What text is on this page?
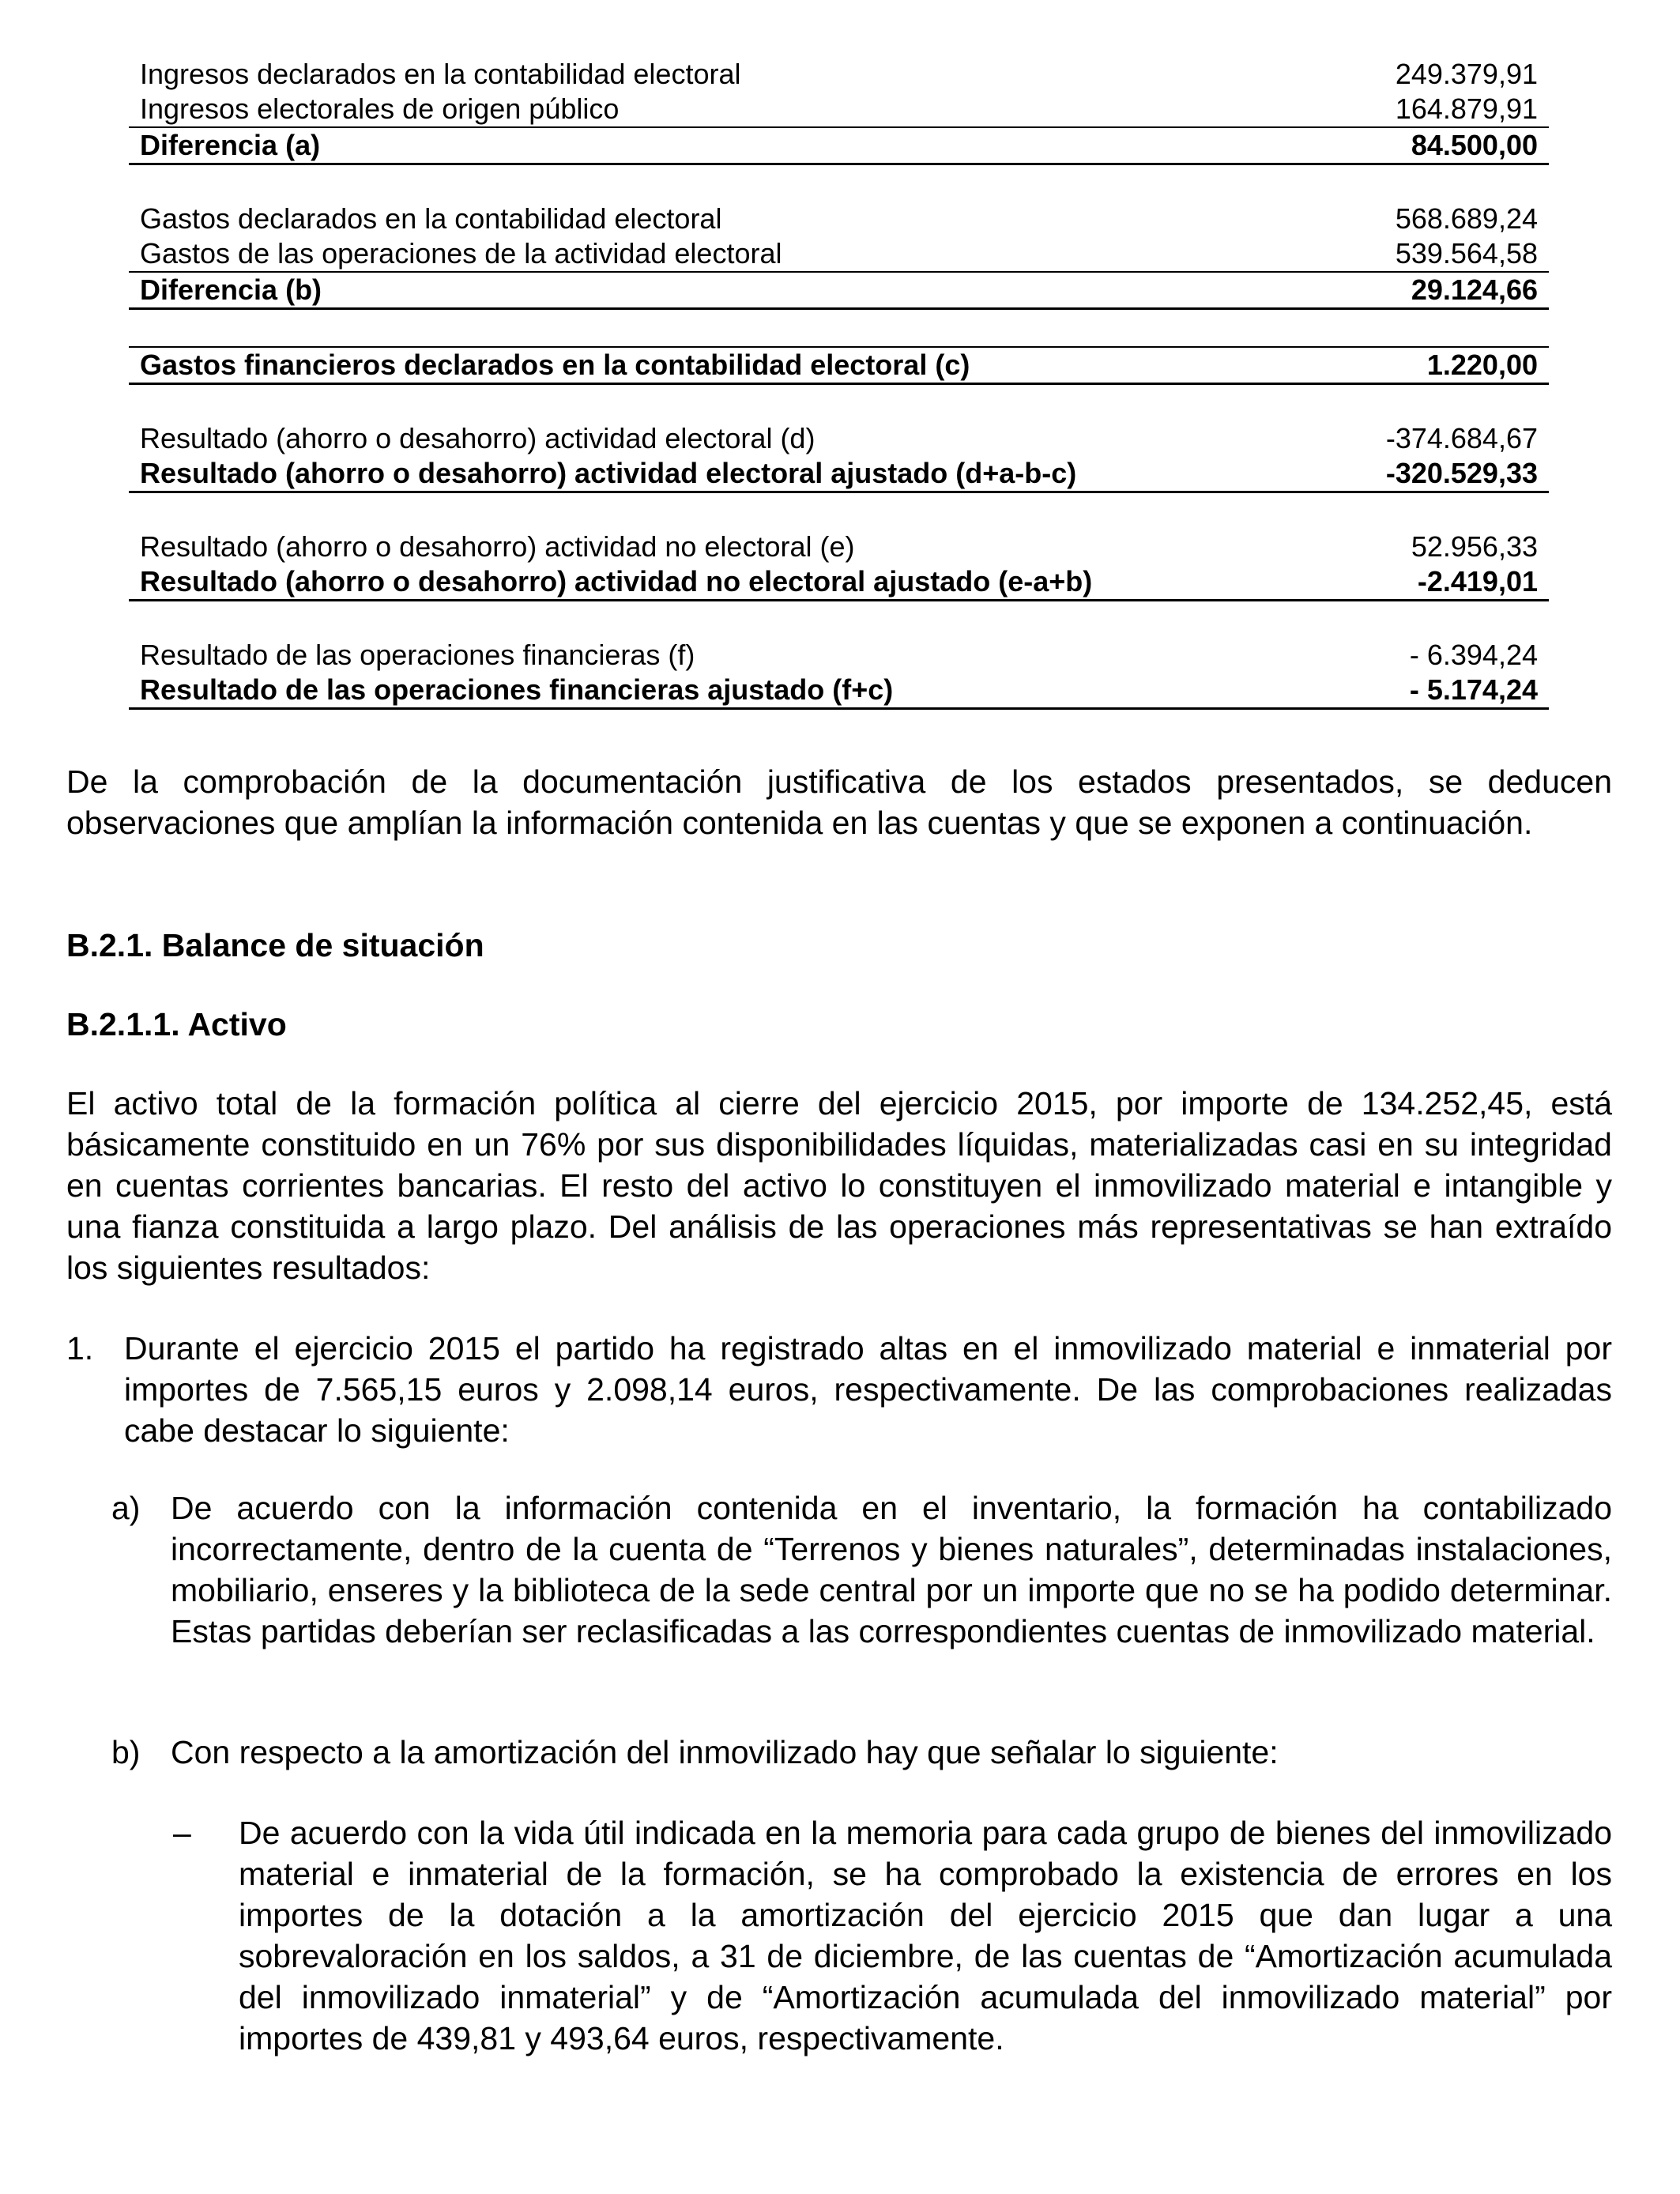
Ingresos declarados en la contabilidad electoral	249.379,91
Ingresos electorales de origen público	164.879,91
Diferencia (a)	84.500,00

Gastos declarados en la contabilidad electoral	568.689,24
Gastos de las operaciones de la actividad electoral	539.564,58
Diferencia (b)	29.124,66

Gastos financieros declarados en la contabilidad electoral (c)	1.220,00

Resultado (ahorro o desahorro) actividad electoral (d)	-374.684,67
Resultado (ahorro o desahorro) actividad electoral ajustado (d+a-b-c)	-320.529,33

Resultado (ahorro o desahorro) actividad no electoral (e)	52.956,33
Resultado (ahorro o desahorro) actividad no electoral ajustado (e-a+b)	-2.419,01

Resultado de las operaciones financieras (f)	- 6.394,24
Resultado de las operaciones financieras ajustado (f+c)	- 5.174,24

De la comprobación de la documentación justificativa de los estados presentados, se deducen observaciones que amplían la información contenida en las cuentas y que se exponen a continuación.

B.2.1. Balance de situación
B.2.1.1. Activo

El activo total de la formación política al cierre del ejercicio 2015, por importe de 134.252,45, está básicamente constituido en un 76% por sus disponibilidades líquidas, materializadas casi en su integridad en cuentas corrientes bancarias. El resto del activo lo constituyen el inmovilizado material e intangible y una fianza constituida a largo plazo. Del análisis de las operaciones más representativas se han extraído los siguientes resultados:

1. Durante el ejercicio 2015 el partido ha registrado altas en el inmovilizado material e inmaterial por importes de 7.565,15 euros y 2.098,14 euros, respectivamente. De las comprobaciones realizadas cabe destacar lo siguiente:

a) De acuerdo con la información contenida en el inventario, la formación ha contabilizado incorrectamente, dentro de la cuenta de “Terrenos y bienes naturales”, determinadas instalaciones, mobiliario, enseres y la biblioteca de la sede central por un importe que no se ha podido determinar. Estas partidas deberían ser reclasificadas a las correspondientes cuentas de inmovilizado material.

b) Con respecto a la amortización del inmovilizado hay que señalar lo siguiente:

– De acuerdo con la vida útil indicada en la memoria para cada grupo de bienes del inmovilizado material e inmaterial de la formación, se ha comprobado la existencia de errores en los importes de la dotación a la amortización del ejercicio 2015 que dan lugar a una sobrevaloración en los saldos, a 31 de diciembre, de las cuentas de “Amortización acumulada del inmovilizado inmaterial” y de “Amortización acumulada del inmovilizado material” por importes de 439,81 y 493,64 euros, respectivamente.
